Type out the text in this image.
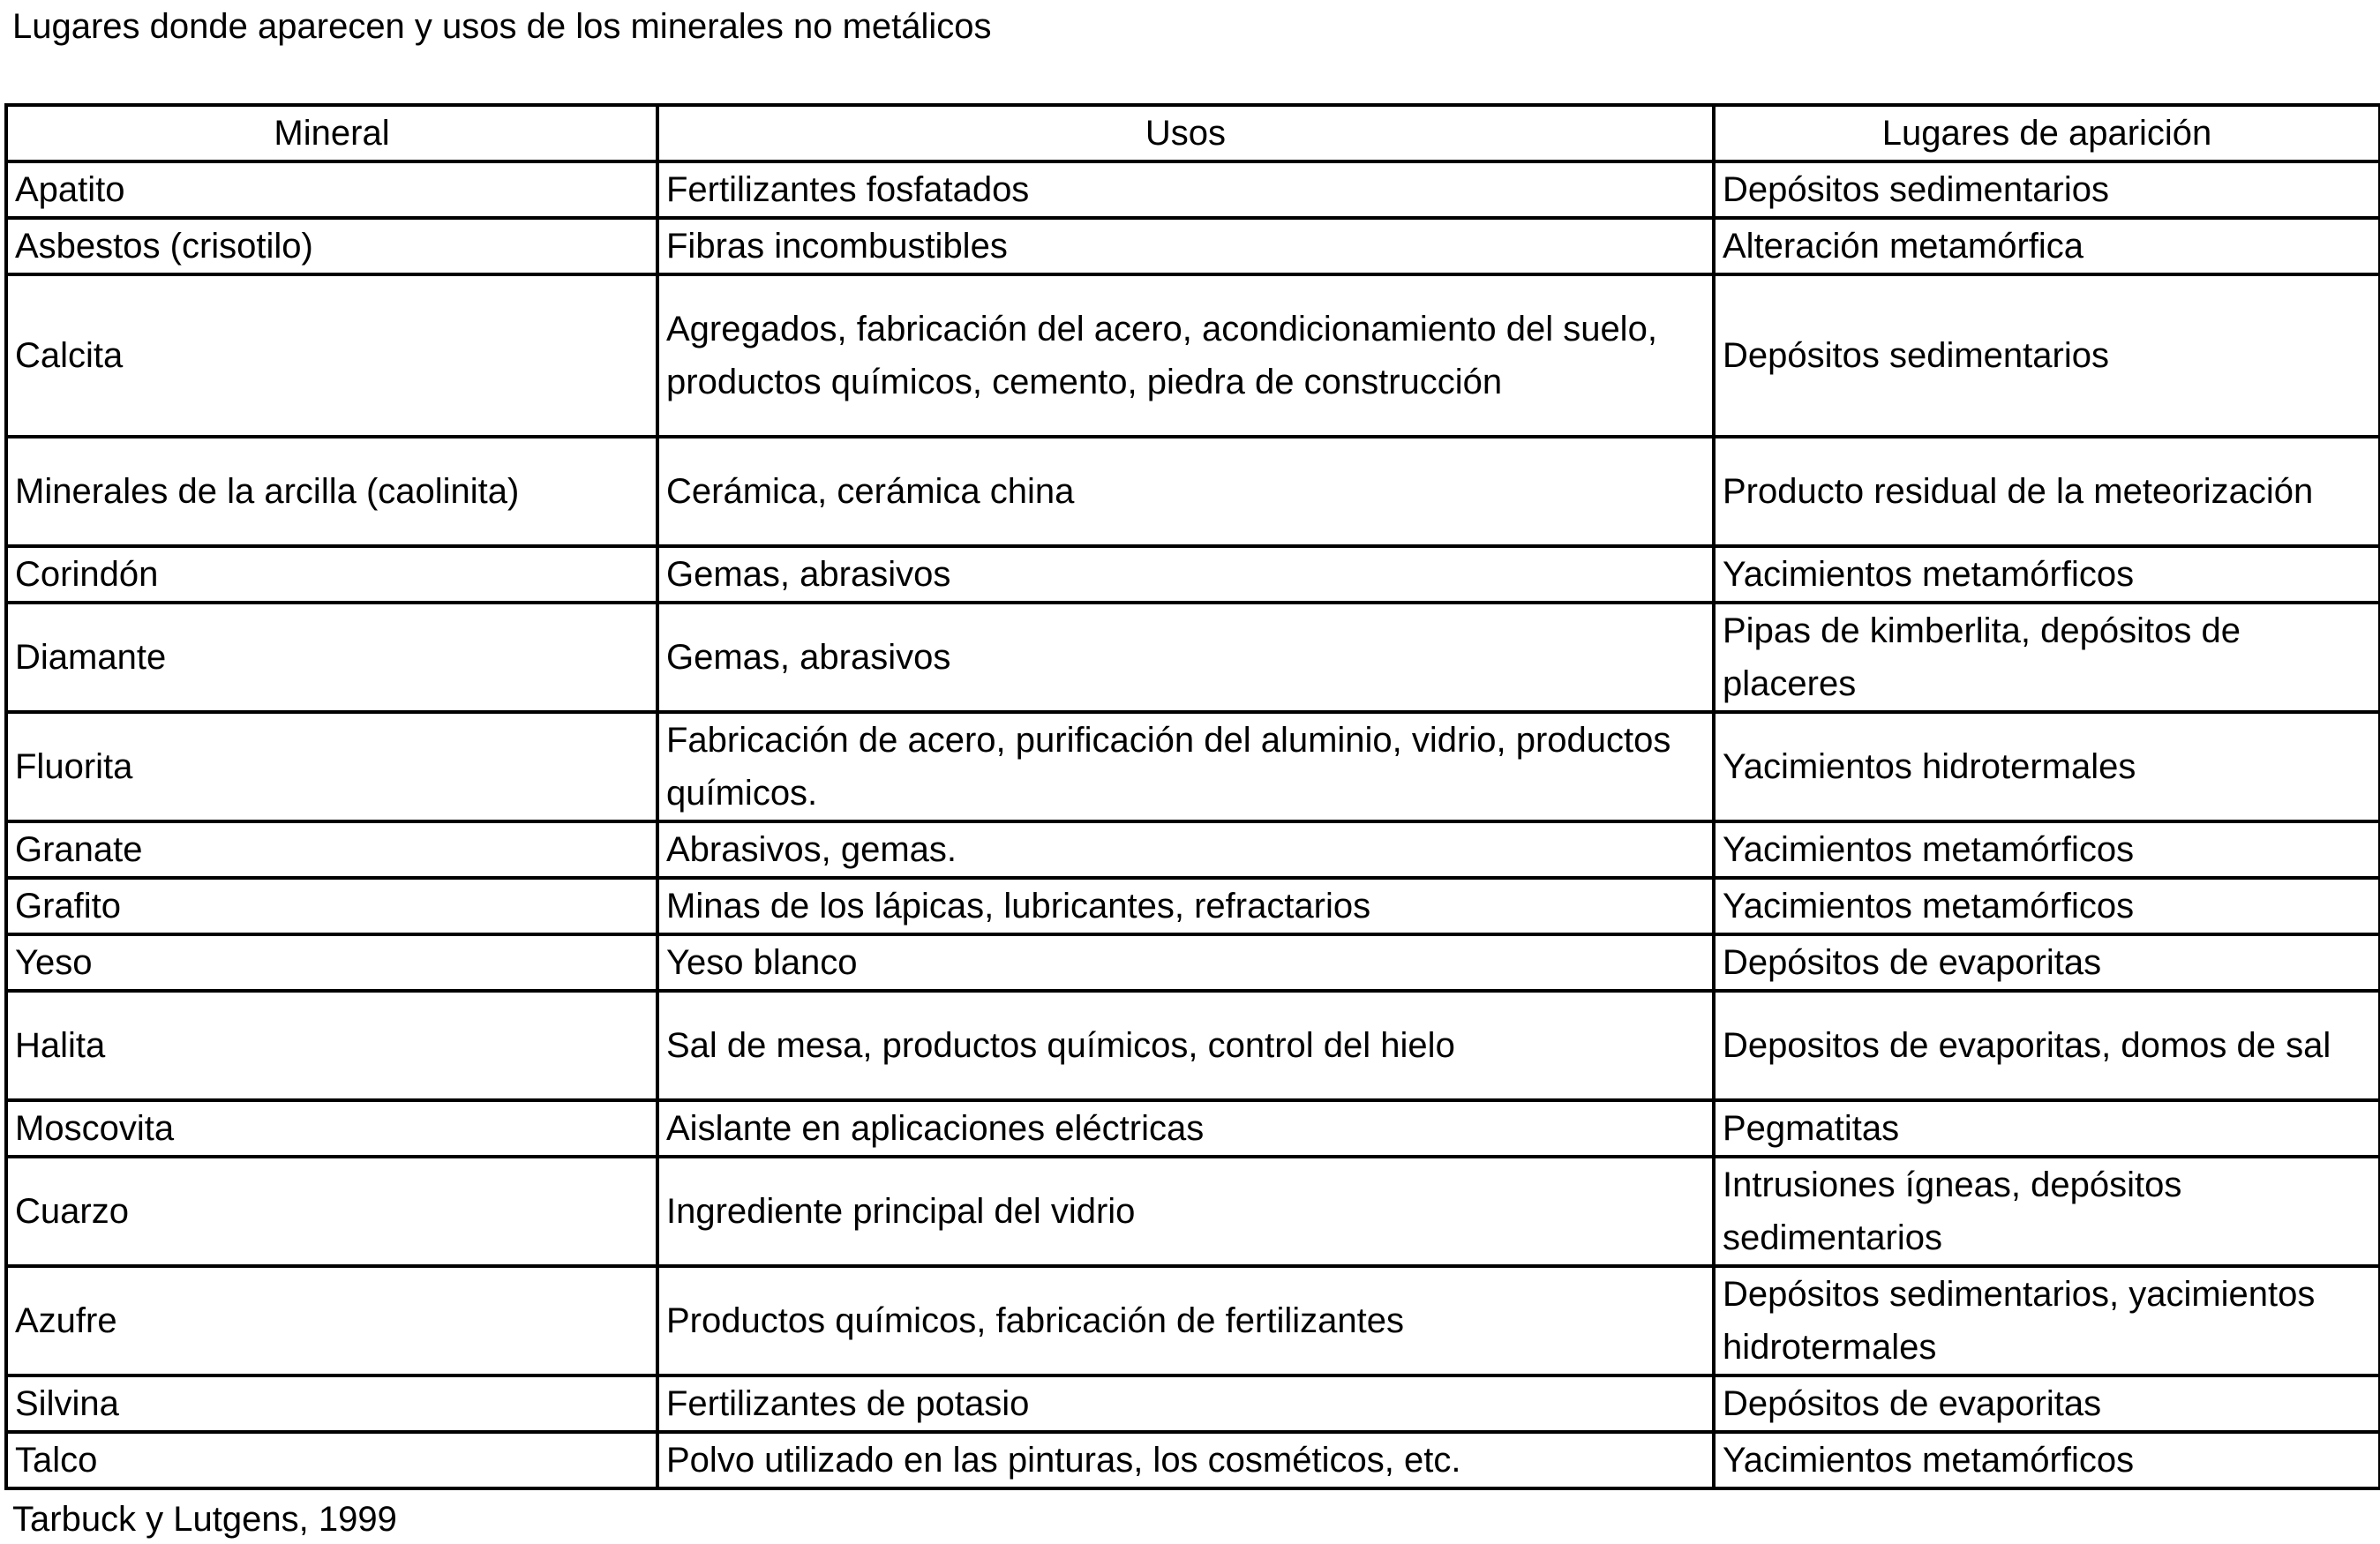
Lugares donde aparecen y usos de los minerales no metálicos
Mineral	Usos	Lugares de aparición
Apatito	Fertilizantes fosfatados	Depósitos sedimentarios
Asbestos (crisotilo)	Fibras incombustibles	Alteración metamórfica
Calcita	Agregados, fabricación del acero, acondicionamiento del suelo, productos químicos, cemento, piedra de construcción	Depósitos sedimentarios
Minerales de la arcilla (caolinita)	Cerámica, cerámica china	Producto residual de la meteorización
Corindón	Gemas, abrasivos	Yacimientos metamórficos
Diamante	Gemas, abrasivos	Pipas de kimberlita, depósitos de placeres
Fluorita	Fabricación de acero, purificación del aluminio, vidrio, productos químicos.	Yacimientos hidrotermales
Granate	Abrasivos, gemas.	Yacimientos metamórficos
Grafito	Minas de los lápicas, lubricantes, refractarios	Yacimientos metamórficos
Yeso	Yeso blanco	Depósitos de evaporitas
Halita	Sal de mesa, productos químicos, control del hielo	Depositos de evaporitas, domos de sal
Moscovita	Aislante en aplicaciones eléctricas	Pegmatitas
Cuarzo	Ingrediente principal del vidrio	Intrusiones ígneas, depósitos sedimentarios
Azufre	Productos químicos, fabricación de fertilizantes	Depósitos sedimentarios, yacimientos hidrotermales
Silvina	Fertilizantes de potasio	Depósitos de evaporitas
Talco	Polvo utilizado en las pinturas, los cosméticos, etc.	Yacimientos metamórficos
Tarbuck y Lutgens, 1999
